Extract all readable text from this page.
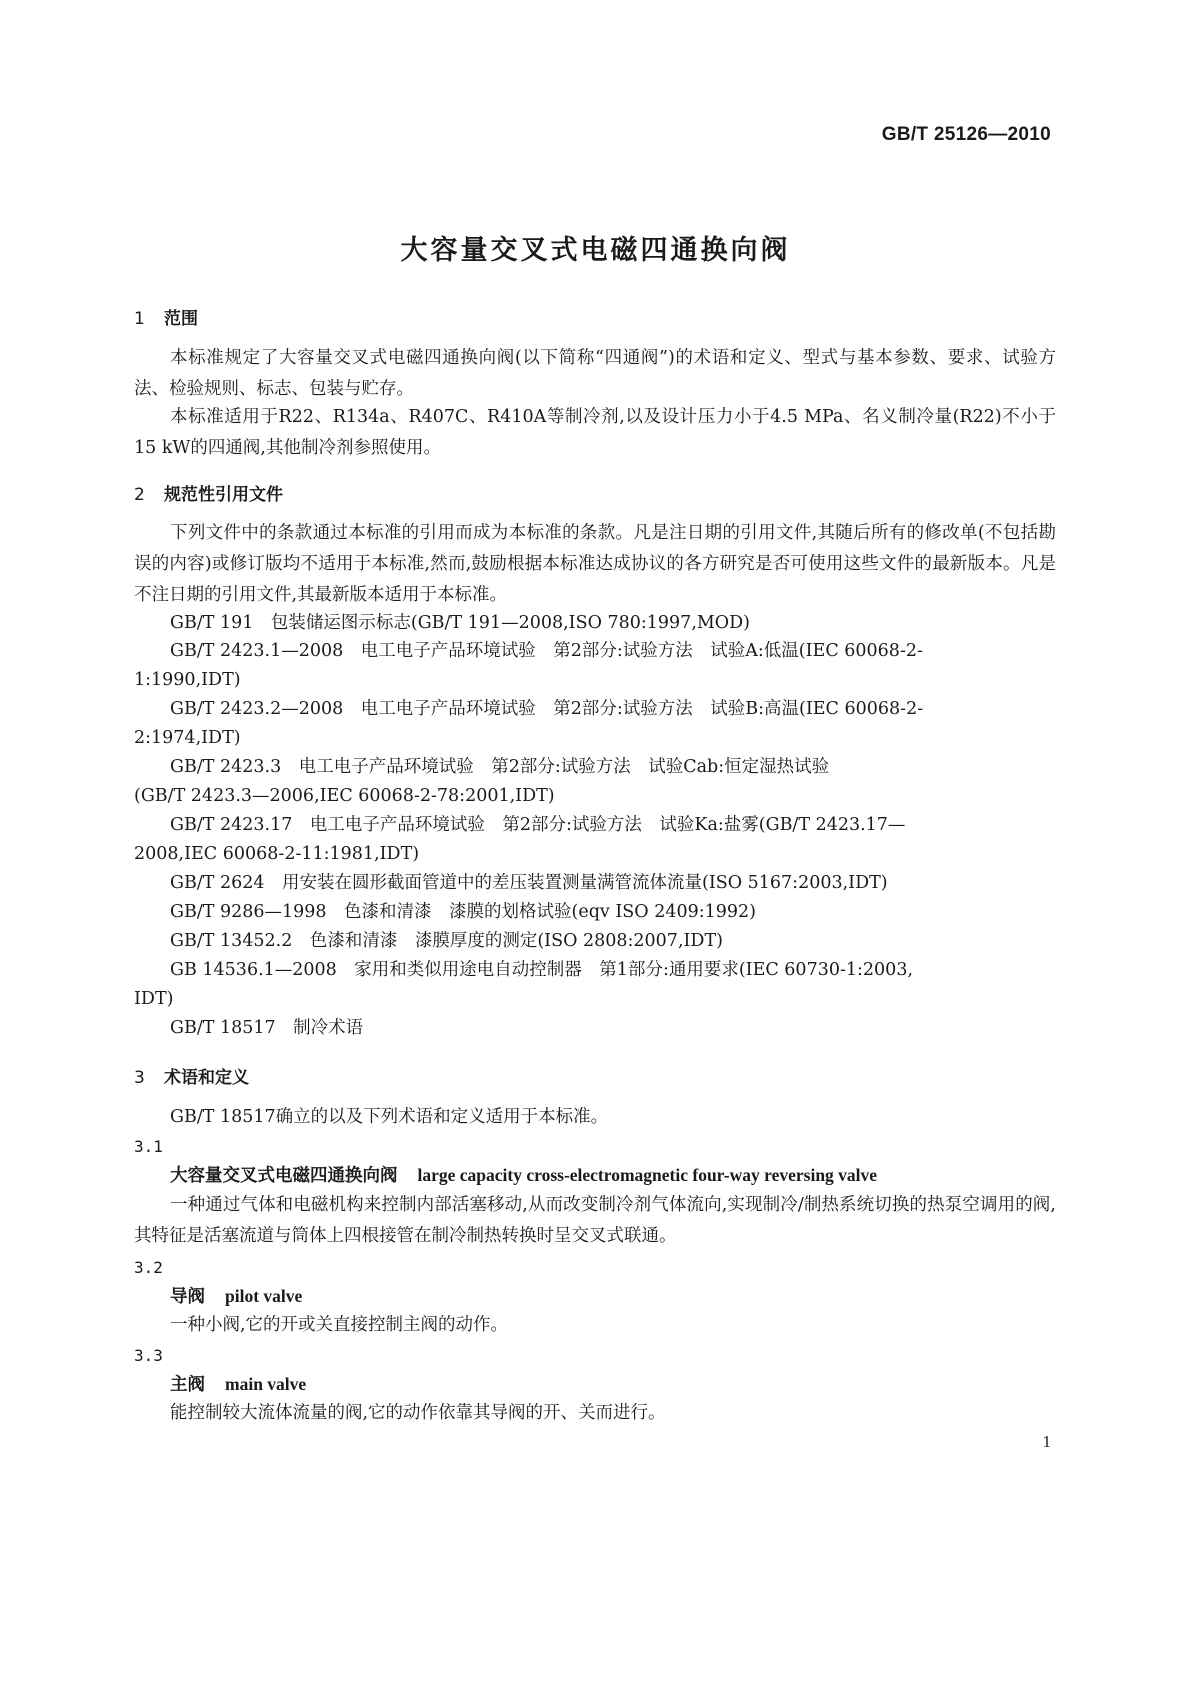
GB/T 25126—2010
大容量交叉式电磁四通换向阀
1 范围
本标准规定了大容量交叉式电磁四通换向阀(以下简称“四通阀”)的术语和定义、型式与基本参数、要求、试验方法、检验规则、标志、包装与贮存。
本标准适用于R22、R134a、R407C、R410A等制冷剂,以及设计压力小于4.5 MPa、名义制冷量(R22)不小于15 kW的四通阀,其他制冷剂参照使用。
2 规范性引用文件
下列文件中的条款通过本标准的引用而成为本标准的条款。凡是注日期的引用文件,其随后所有的修改单(不包括勘误的内容)或修订版均不适用于本标准,然而,鼓励根据本标准达成协议的各方研究是否可使用这些文件的最新版本。凡是不注日期的引用文件,其最新版本适用于本标准。
GB/T 191　包装储运图示标志(GB/T 191—2008,ISO 780:1997,MOD)
GB/T 2423.1—2008　电工电子产品环境试验　第2部分:试验方法　试验A:低温(IEC 60068-2-
1:1990,IDT)
GB/T 2423.2—2008　电工电子产品环境试验　第2部分:试验方法　试验B:高温(IEC 60068-2-
2:1974,IDT)
GB/T 2423.3　电工电子产品环境试验　第2部分:试验方法　试验Cab:恒定湿热试验
(GB/T 2423.3—2006,IEC 60068-2-78:2001,IDT)
GB/T 2423.17　电工电子产品环境试验　第2部分:试验方法　试验Ka:盐雾(GB/T 2423.17—
2008,IEC 60068-2-11:1981,IDT)
GB/T 2624　用安装在圆形截面管道中的差压装置测量满管流体流量(ISO 5167:2003,IDT)
GB/T 9286—1998　色漆和清漆　漆膜的划格试验(eqv ISO 2409:1992)
GB/T 13452.2　色漆和清漆　漆膜厚度的测定(ISO 2808:2007,IDT)
GB 14536.1—2008　家用和类似用途电自动控制器　第1部分:通用要求(IEC 60730-1:2003,
IDT)
GB/T 18517　制冷术语
3 术语和定义
GB/T 18517确立的以及下列术语和定义适用于本标准。
3.1
大容量交叉式电磁四通换向阀 large capacity cross-electromagnetic four-way reversing valve
一种通过气体和电磁机构来控制内部活塞移动,从而改变制冷剂气体流向,实现制冷/制热系统切换的热泵空调用的阀,其特征是活塞流道与筒体上四根接管在制冷制热转换时呈交叉式联通。
3.2
导阀 pilot valve
一种小阀,它的开或关直接控制主阀的动作。
3.3
主阀 main valve
能控制较大流体流量的阀,它的动作依靠其导阀的开、关而进行。
1
